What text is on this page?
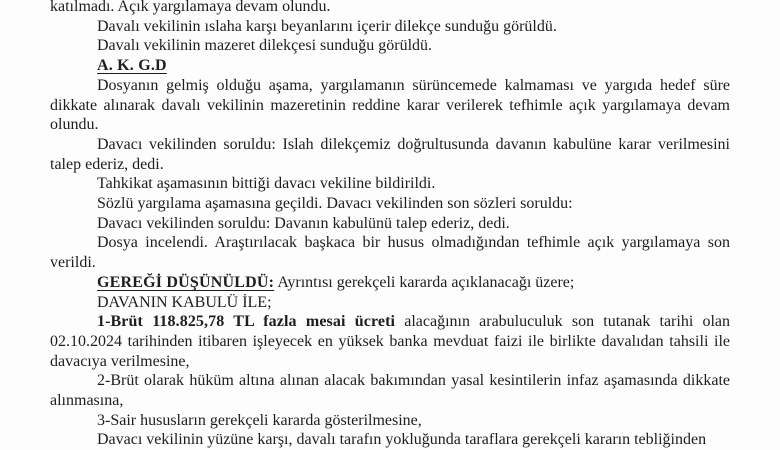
katılmadı. Açık yargılamaya devam olundu.

Davalı vekilinin ıslaha karşı beyanlarını içerir dilekçe sunduğu görüldü.

Davalı vekilinin mazeret dilekçesi sunduğu görüldü.

A. K. G.D

Dosyanın gelmiş olduğu aşama, yargılamanın sürüncemede kalmaması ve yargıda hedef süre dikkate alınarak davalı vekilinin mazeretinin reddine karar verilerek tefhimle açık yargılamaya devam olundu.

Davacı vekilinden soruldu: Islah dilekçemiz doğrultusunda davanın kabulüne karar verilmesini talep ederiz, dedi.

Tahkikat aşamasının bittiği davacı vekiline bildirildi.

Sözlü yargılama aşamasına geçildi. Davacı vekilinden son sözleri soruldu:

Davacı vekilinden soruldu: Davanın kabulünü talep ederiz, dedi.

Dosya incelendi. Araştırılacak başkaca bir husus olmadığından tefhimle açık yargılamaya son verildi.

GEREĞİ DÜŞÜNÜLDÜ: Ayrıntısı gerekçeli kararda açıklanacağı üzere;

DAVANIN KABULÜ İLE;

1-Brüt 118.825,78 TL fazla mesai ücreti alacağının arabuluculuk son tutanak tarihi olan 02.10.2024 tarihinden itibaren işleyecek en yüksek banka mevduat faizi ile birlikte davalıdan tahsili ile davacıya verilmesine,

2-Brüt olarak hüküm altına alınan alacak bakımından yasal kesintilerin infaz aşamasında dikkate alınmasına,

3-Sair hususların gerekçeli kararda gösterilmesine,

Davacı vekilinin yüzüne karşı, davalı tarafın yokluğunda taraflara gerekçeli kararın tebliğinden
